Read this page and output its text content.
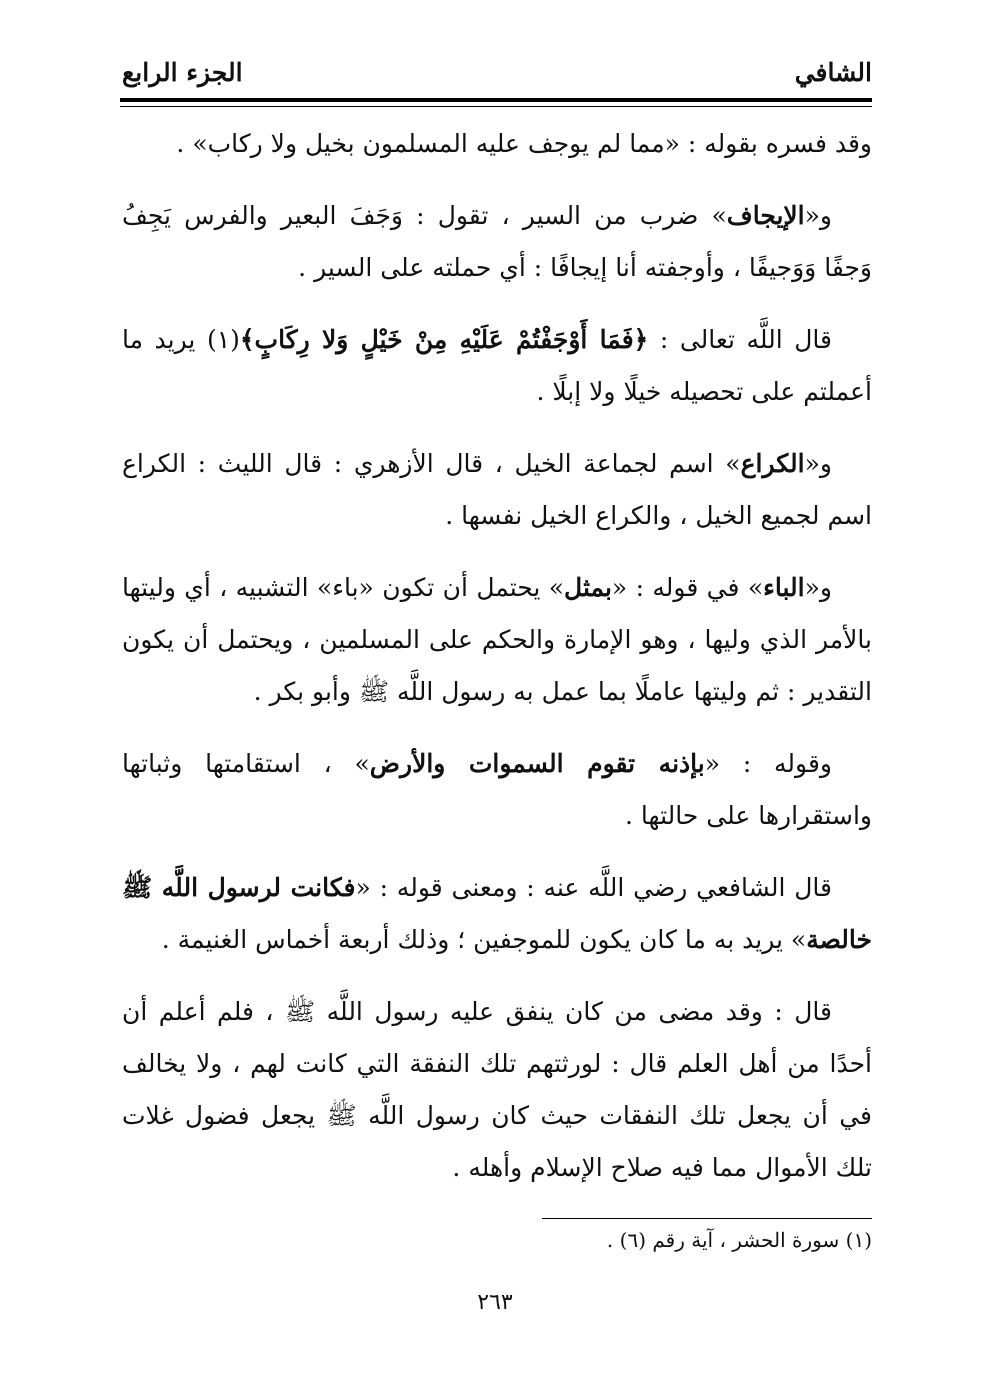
الشافي
الجزء الرابع

وقد فسره بقوله : «مما لم يوجف عليه المسلمون بخيل ولا ركاب» .

و«الإيجاف» ضرب من السير ، تقول : وَجَفَ البعير والفرس يَجِفُ وَجفًا وَوَجيفًا ، وأوجفته أنا إيجافًا : أي حملته على السير .

قال اللَّه تعالى : ﴿فَمَا أَوْجَفْتُمْ عَلَيْهِ مِنْ خَيْلٍ وَلا رِكَابٍ﴾(١) يريد ما أعملتم على تحصيله خيلًا ولا إبلًا .

و«الكراع» اسم لجماعة الخيل ، قال الأزهري : قال الليث : الكراع اسم لجميع الخيل ، والكراع الخيل نفسها .

و«الباء» في قوله : «بمثل» يحتمل أن تكون «باء» التشبيه ، أي وليتها بالأمر الذي وليها ، وهو الإمارة والحكم على المسلمين ، ويحتمل أن يكون التقدير : ثم وليتها عاملًا بما عمل به رسول اللَّه ﷺ وأبو بكر .

وقوله : «بإذنه تقوم السموات والأرض» ، استقامتها وثباتها واستقرارها على حالتها .

قال الشافعي رضي اللَّه عنه : ومعنى قوله : «فكانت لرسول اللَّه ﷺ خالصة» يريد به ما كان يكون للموجفين ؛ وذلك أربعة أخماس الغنيمة .

قال : وقد مضى من كان ينفق عليه رسول اللَّه ﷺ ، فلم أعلم أن أحدًا من أهل العلم قال : لورثتهم تلك النفقة التي كانت لهم ، ولا يخالف في أن يجعل تلك النفقات حيث كان رسول اللَّه ﷺ يجعل فضول غلات تلك الأموال مما فيه صلاح الإسلام وأهله .

(١) سورة الحشر ، آية رقم (٦) .
٢٦٣
